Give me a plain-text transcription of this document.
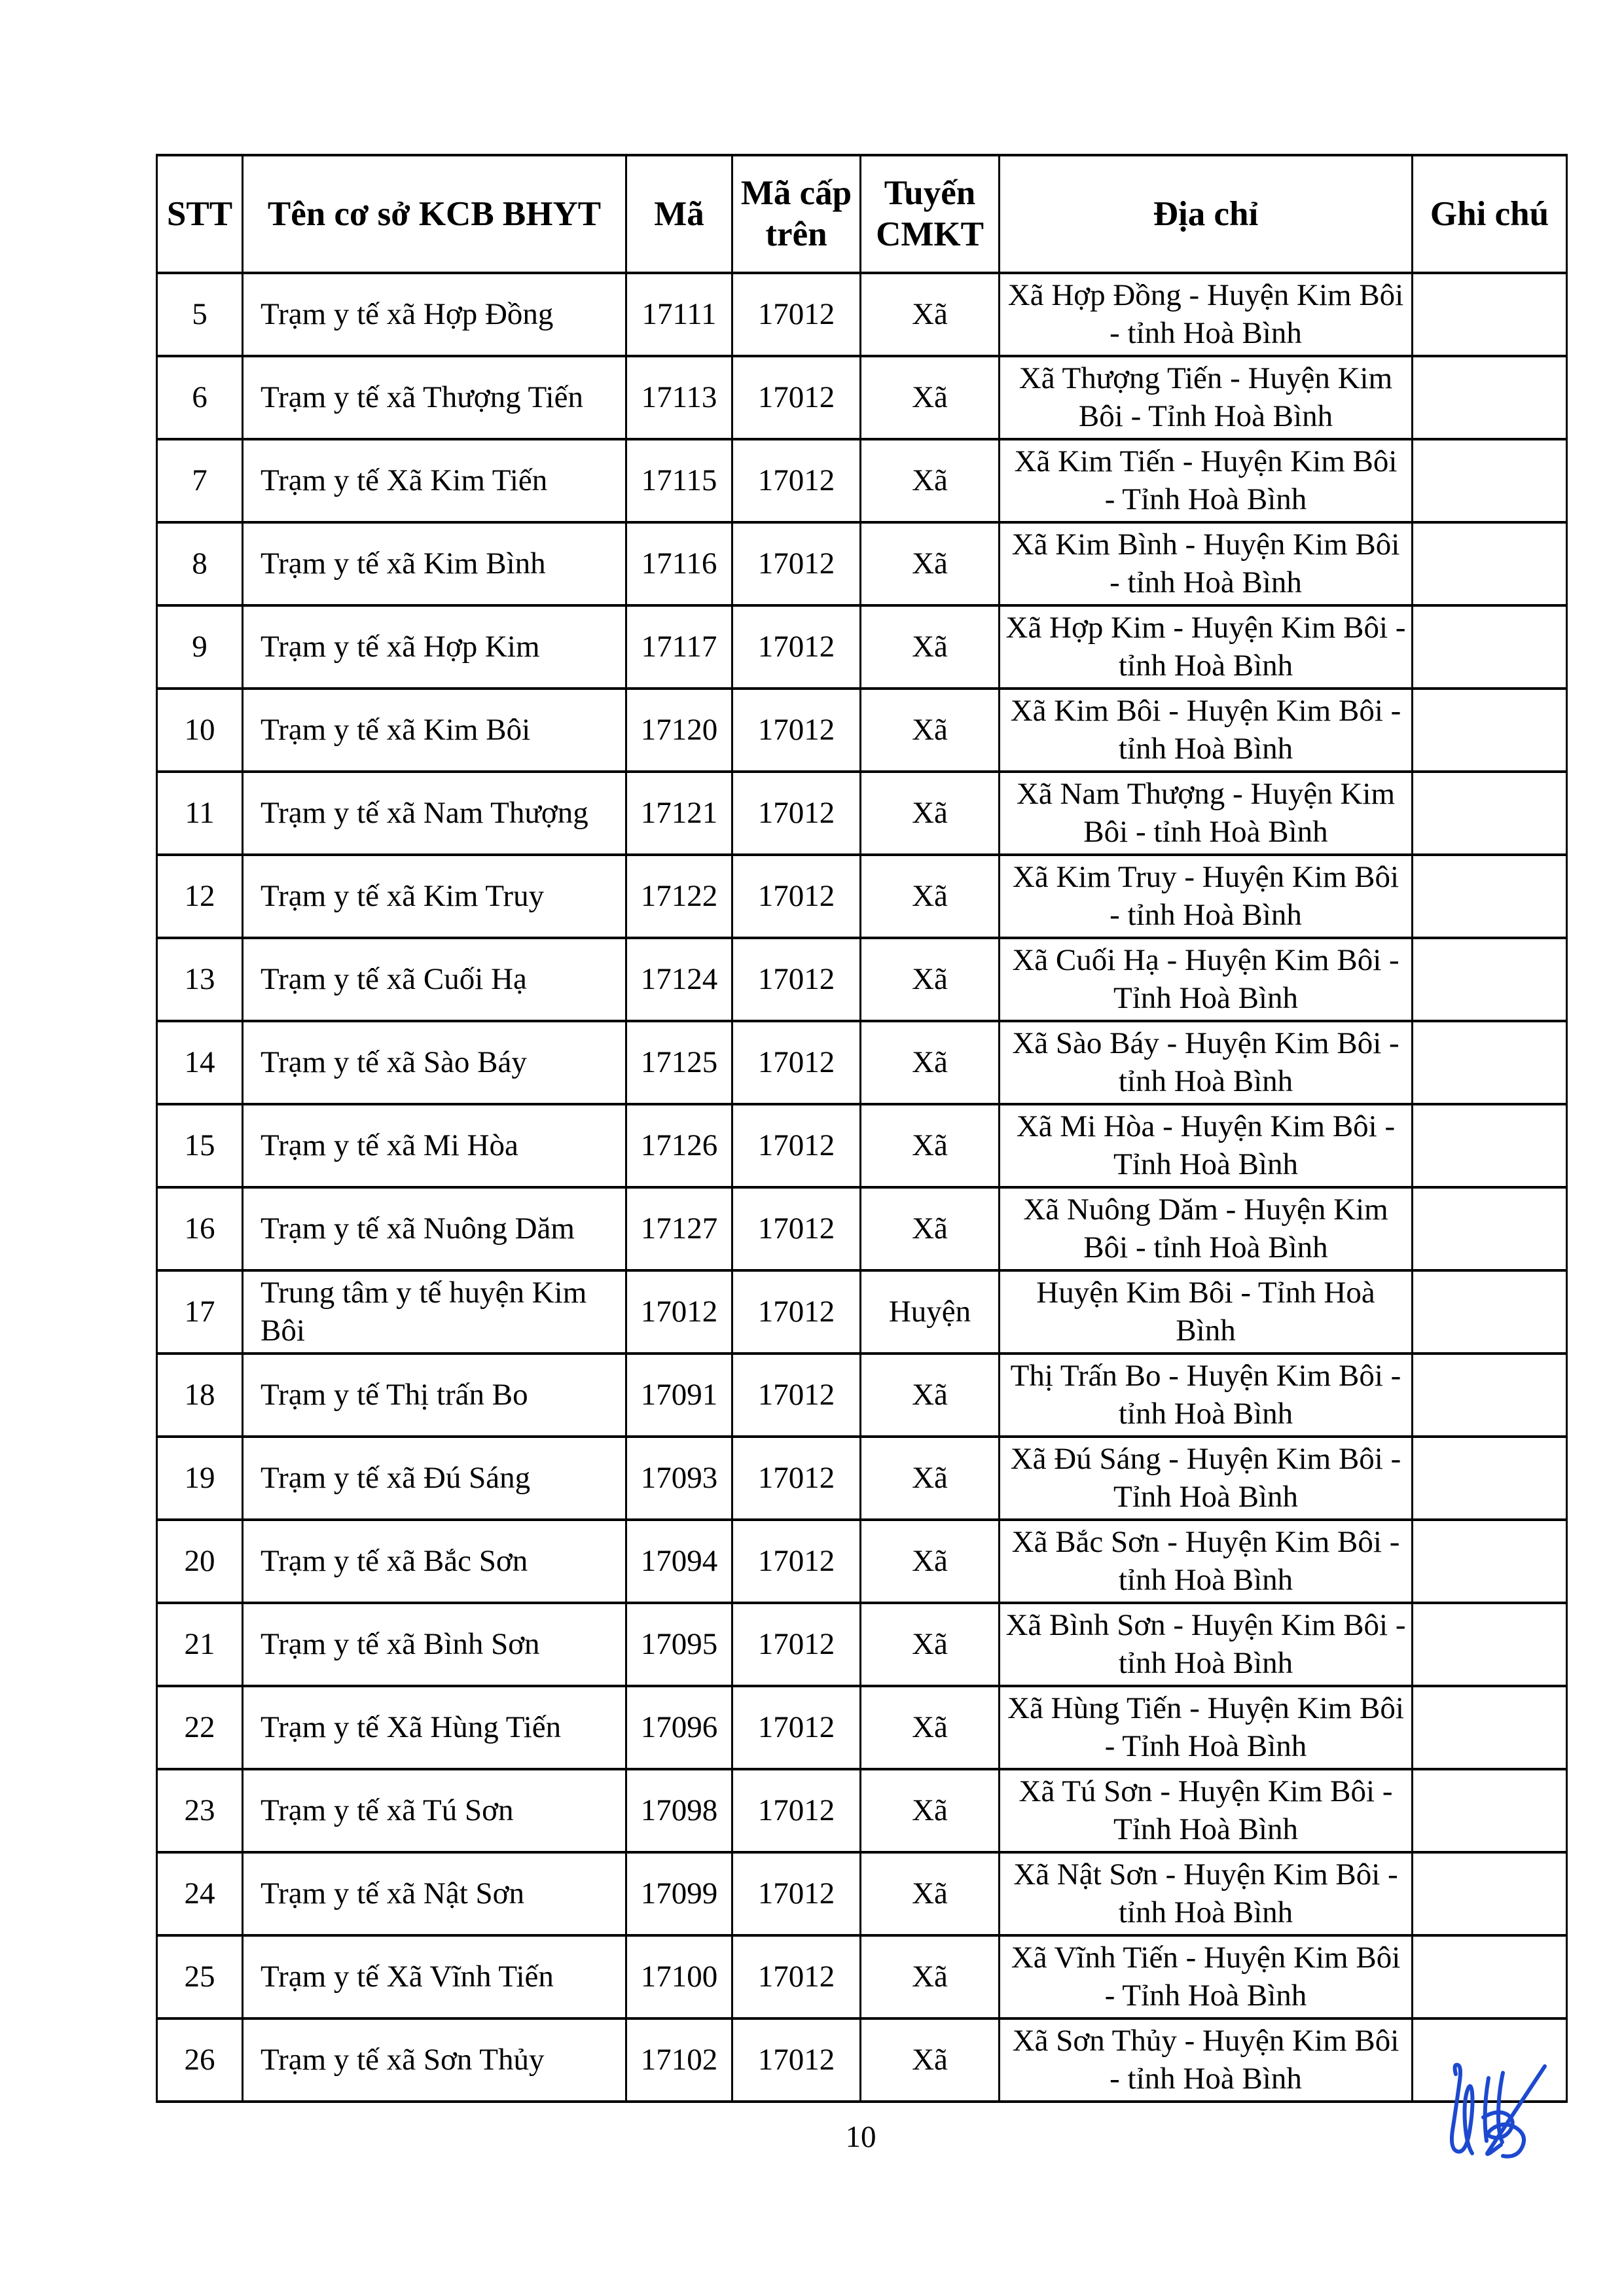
STT	Tên cơ sở KCB BHYT	Mã	Mã cấp trên	Tuyến CMKT	Địa chỉ	Ghi chú
5	Trạm y tế xã Hợp Đồng	17111	17012	Xã	Xã Hợp Đồng - Huyện Kim Bôi - tỉnh Hoà Bình	
6	Trạm y tế xã Thượng Tiến	17113	17012	Xã	Xã Thượng Tiến - Huyện Kim Bôi - Tỉnh Hoà Bình	
7	Trạm y tế Xã Kim Tiến	17115	17012	Xã	Xã Kim Tiến - Huyện Kim Bôi - Tỉnh Hoà Bình	
8	Trạm y tế xã Kim Bình	17116	17012	Xã	Xã Kim Bình - Huyện Kim Bôi - tỉnh Hoà Bình	
9	Trạm y tế xã Hợp Kim	17117	17012	Xã	Xã Hợp Kim - Huyện Kim Bôi - tỉnh Hoà Bình	
10	Trạm y tế xã Kim Bôi	17120	17012	Xã	Xã Kim Bôi - Huyện Kim Bôi - tỉnh Hoà Bình	
11	Trạm y tế xã Nam Thượng	17121	17012	Xã	Xã Nam Thượng - Huyện Kim Bôi - tỉnh Hoà Bình	
12	Trạm y tế xã Kim Truy	17122	17012	Xã	Xã Kim Truy - Huyện Kim Bôi - tỉnh Hoà Bình	
13	Trạm y tế xã Cuối Hạ	17124	17012	Xã	Xã Cuối Hạ - Huyện Kim Bôi - Tỉnh Hoà Bình	
14	Trạm y tế xã Sào Báy	17125	17012	Xã	Xã Sào Báy - Huyện Kim Bôi - tỉnh Hoà Bình	
15	Trạm y tế xã Mi Hòa	17126	17012	Xã	Xã Mi Hòa - Huyện Kim Bôi - Tỉnh Hoà Bình	
16	Trạm y tế xã Nuông Dăm	17127	17012	Xã	Xã Nuông Dăm - Huyện Kim Bôi - tỉnh Hoà Bình	
17	Trung tâm y tế huyện Kim Bôi	17012	17012	Huyện	Huyện Kim Bôi - Tỉnh Hoà Bình	
18	Trạm y tế Thị trấn Bo	17091	17012	Xã	Thị Trấn Bo - Huyện Kim Bôi - tỉnh Hoà Bình	
19	Trạm y tế xã Đú Sáng	17093	17012	Xã	Xã Đú Sáng - Huyện Kim Bôi - Tỉnh Hoà Bình	
20	Trạm y tế xã Bắc Sơn	17094	17012	Xã	Xã Bắc Sơn - Huyện Kim Bôi - tỉnh Hoà Bình	
21	Trạm y tế xã Bình Sơn	17095	17012	Xã	Xã Bình Sơn - Huyện Kim Bôi - tỉnh Hoà Bình	
22	Trạm y tế Xã Hùng Tiến	17096	17012	Xã	Xã Hùng Tiến - Huyện Kim Bôi - Tỉnh Hoà Bình	
23	Trạm y tế xã Tú Sơn	17098	17012	Xã	Xã Tú Sơn - Huyện Kim Bôi - Tỉnh Hoà Bình	
24	Trạm y tế xã Nật Sơn	17099	17012	Xã	Xã Nật Sơn - Huyện Kim Bôi - tỉnh Hoà Bình	
25	Trạm y tế Xã Vĩnh Tiến	17100	17012	Xã	Xã Vĩnh Tiến - Huyện Kim Bôi - Tỉnh Hoà Bình	
26	Trạm y tế xã Sơn Thủy	17102	17012	Xã	Xã Sơn Thủy - Huyện Kim Bôi - tỉnh Hoà Bình	
10
